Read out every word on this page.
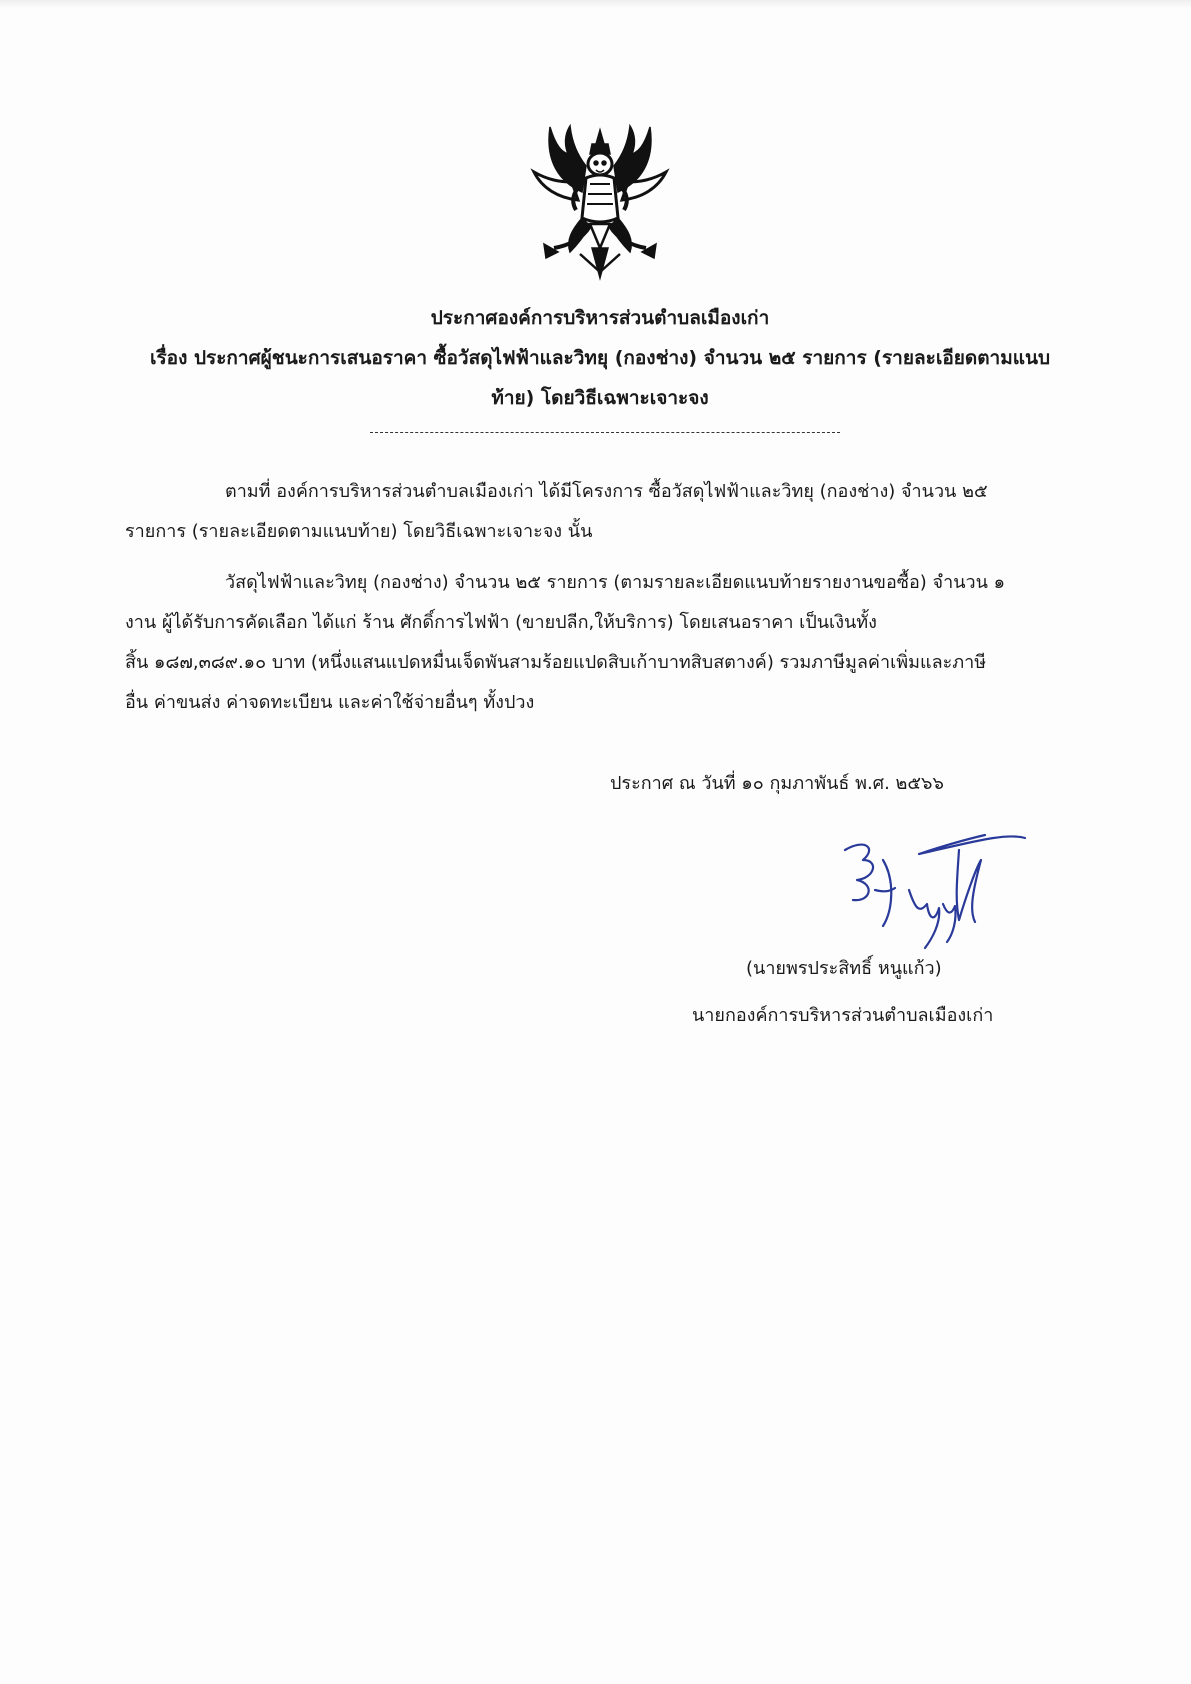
ประกาศองค์การบริหารส่วนตำบลเมืองเก่า
เรื่อง ประกาศผู้ชนะการเสนอราคา ซื้อวัสดุไฟฟ้าและวิทยุ (กองช่าง) จำนวน ๒๕ รายการ (รายละเอียดตามแนบ
ท้าย) โดยวิธีเฉพาะเจาะจง
ตามที่ องค์การบริหารส่วนตำบลเมืองเก่า ได้มีโครงการ ซื้อวัสดุไฟฟ้าและวิทยุ (กองช่าง) จำนวน ๒๕
รายการ (รายละเอียดตามแนบท้าย) โดยวิธีเฉพาะเจาะจง นั้น
วัสดุไฟฟ้าและวิทยุ (กองช่าง) จำนวน ๒๕ รายการ (ตามรายละเอียดแนบท้ายรายงานขอซื้อ) จำนวน ๑
งาน ผู้ได้รับการคัดเลือก ได้แก่ ร้าน ศักดิ์การไฟฟ้า (ขายปลีก,ให้บริการ) โดยเสนอราคา เป็นเงินทั้ง
สิ้น ๑๘๗,๓๘๙.๑๐ บาท (หนึ่งแสนแปดหมื่นเจ็ดพันสามร้อยแปดสิบเก้าบาทสิบสตางค์) รวมภาษีมูลค่าเพิ่มและภาษี
อื่น ค่าขนส่ง ค่าจดทะเบียน และค่าใช้จ่ายอื่นๆ ทั้งปวง
ประกาศ ณ วันที่ ๑๐ กุมภาพันธ์ พ.ศ. ๒๕๖๖
(นายพรประสิทธิ์ หนูแก้ว)
นายกองค์การบริหารส่วนตำบลเมืองเก่า
